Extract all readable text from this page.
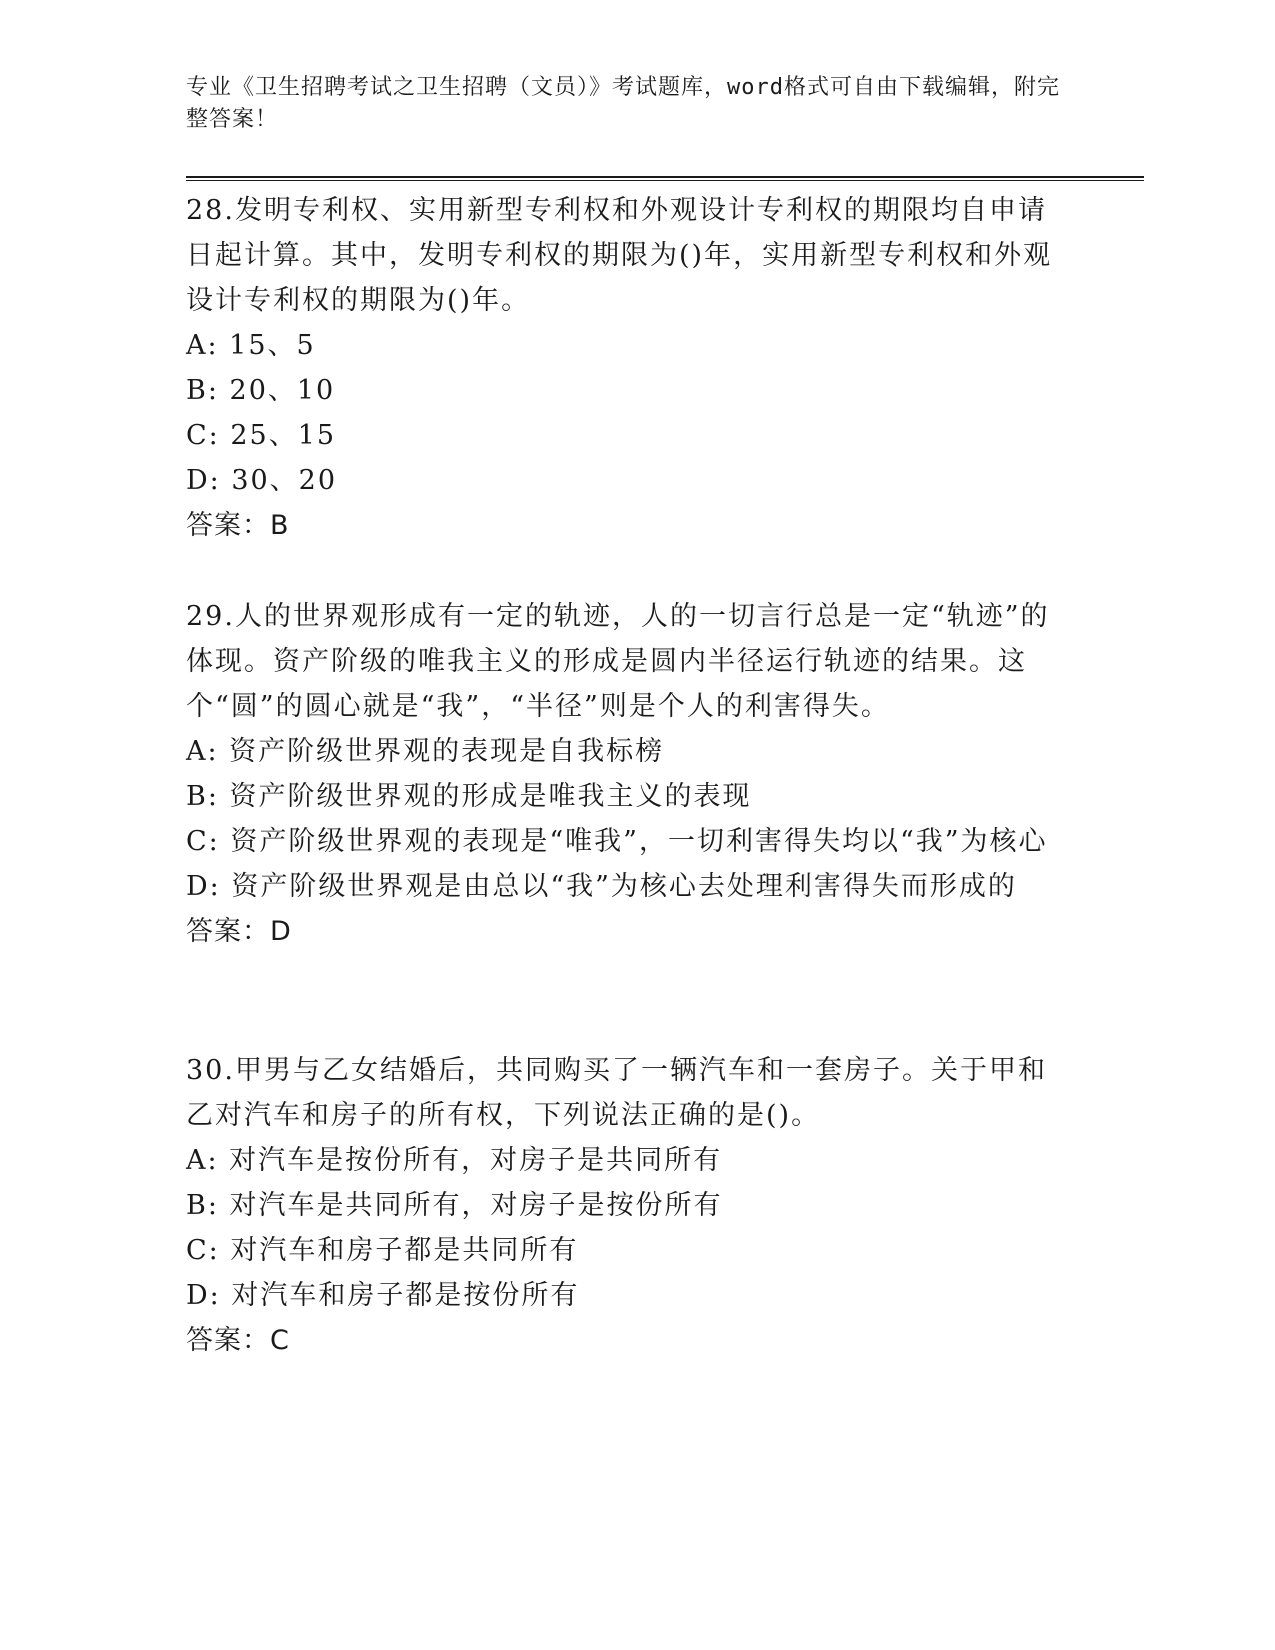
专业《卫生招聘考试之卫生招聘（文员）》考试题库，word格式可自由下载编辑，附完整答案！

28.发明专利权、实用新型专利权和外观设计专利权的期限均自申请日起计算。其中，发明专利权的期限为()年，实用新型专利权和外观设计专利权的期限为()年。

A: 15、5
B: 20、10
C: 25、15
D: 30、20
答案：B

29.人的世界观形成有一定的轨迹，人的一切言行总是一定“轨迹”的体现。资产阶级的唯我主义的形成是圆内半径运行轨迹的结果。这个“圆”的圆心就是“我”，“半径”则是个人的利害得失。

A: 资产阶级世界观的表现是自我标榜
B: 资产阶级世界观的形成是唯我主义的表现
C: 资产阶级世界观的表现是“唯我”，一切利害得失均以“我”为核心
D: 资产阶级世界观是由总以“我”为核心去处理利害得失而形成的
答案：D

30.甲男与乙女结婚后，共同购买了一辆汽车和一套房子。关于甲和乙对汽车和房子的所有权，下列说法正确的是()。

A: 对汽车是按份所有，对房子是共同所有
B: 对汽车是共同所有，对房子是按份所有
C: 对汽车和房子都是共同所有
D: 对汽车和房子都是按份所有
答案：C
